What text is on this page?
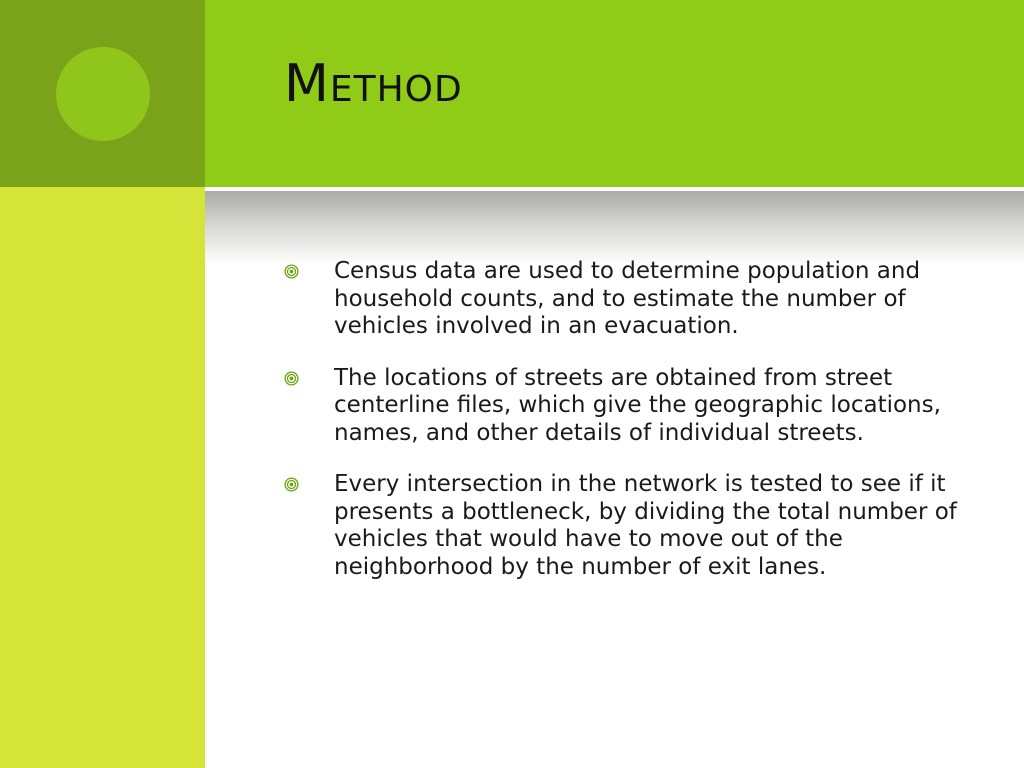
Method
Census data are used to determine population and household counts, and to estimate the number of vehicles involved in an evacuation.
The locations of streets are obtained from street centerline files, which give the geographic locations, names, and other details of individual streets.
Every intersection in the network is tested to see if it presents a bottleneck, by dividing the total number of vehicles that would have to move out of the neighborhood by the number of exit lanes.
